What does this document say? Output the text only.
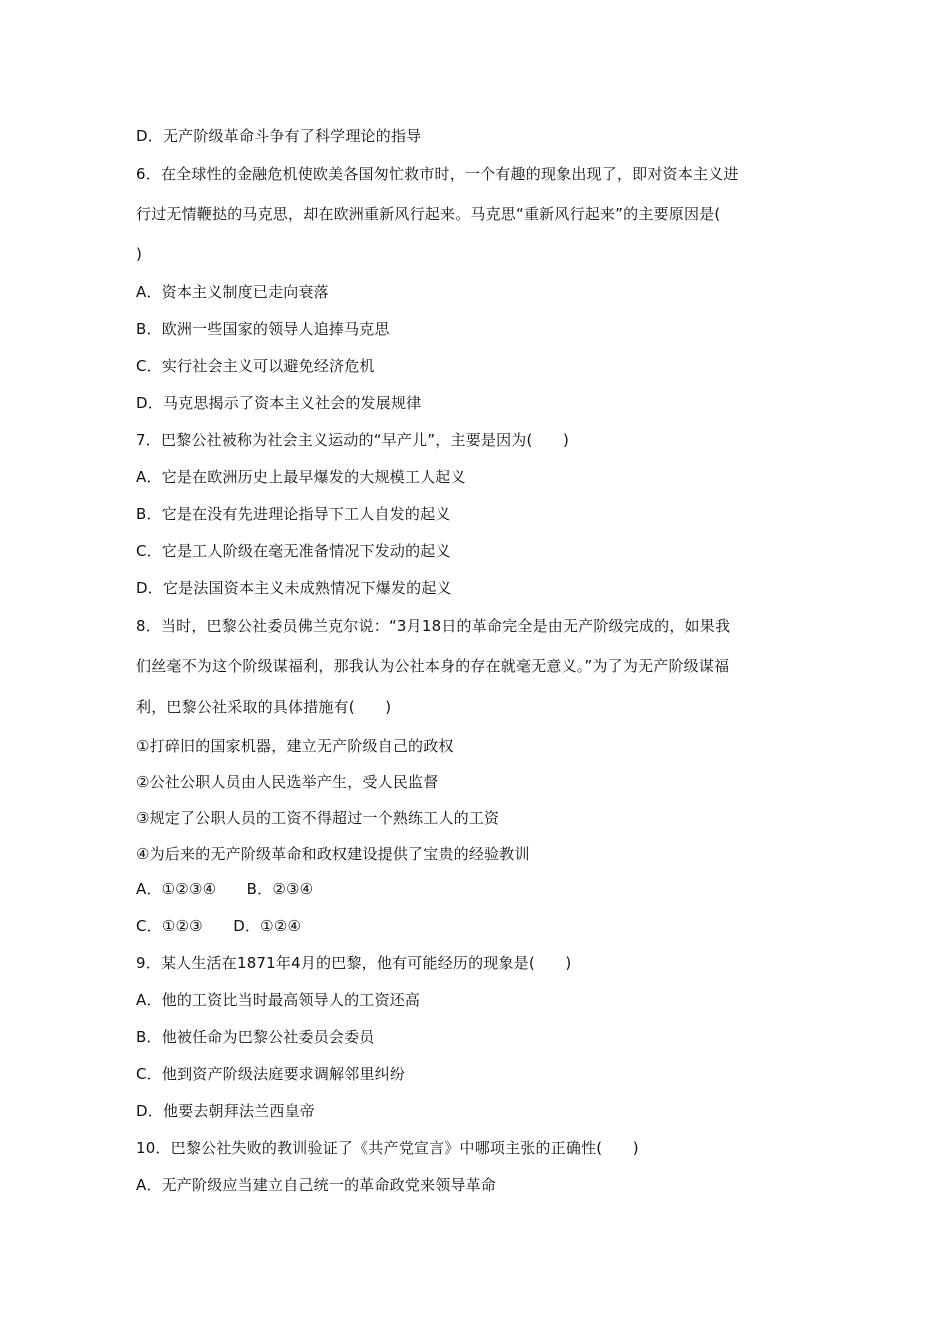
D．无产阶级革命斗争有了科学理论的指导
6．在全球性的金融危机使欧美各国匆忙救市时，一个有趣的现象出现了，即对资本主义进
行过无情鞭挞的马克思，却在欧洲重新风行起来。马克思“重新风行起来”的主要原因是(
)
A．资本主义制度已走向衰落
B．欧洲一些国家的领导人追捧马克思
C．实行社会主义可以避免经济危机
D．马克思揭示了资本主义社会的发展规律
7．巴黎公社被称为社会主义运动的“早产儿”，主要是因为(　　)
A．它是在欧洲历史上最早爆发的大规模工人起义
B．它是在没有先进理论指导下工人自发的起义
C．它是工人阶级在毫无准备情况下发动的起义
D．它是法国资本主义未成熟情况下爆发的起义
8．当时，巴黎公社委员佛兰克尔说：“3月18日的革命完全是由无产阶级完成的，如果我
们丝毫不为这个阶级谋福利，那我认为公社本身的存在就毫无意义。”为了为无产阶级谋福
利，巴黎公社采取的具体措施有(　　)
①打碎旧的国家机器，建立无产阶级自己的政权
②公社公职人员由人民选举产生，受人民监督
③规定了公职人员的工资不得超过一个熟练工人的工资
④为后来的无产阶级革命和政权建设提供了宝贵的经验教训
A．①②③④　　B．②③④
C．①②③　　D．①②④
9．某人生活在1871年4月的巴黎，他有可能经历的现象是(　　)
A．他的工资比当时最高领导人的工资还高
B．他被任命为巴黎公社委员会委员
C．他到资产阶级法庭要求调解邻里纠纷
D．他要去朝拜法兰西皇帝
10．巴黎公社失败的教训验证了《共产党宣言》中哪项主张的正确性(　　)
A．无产阶级应当建立自己统一的革命政党来领导革命
